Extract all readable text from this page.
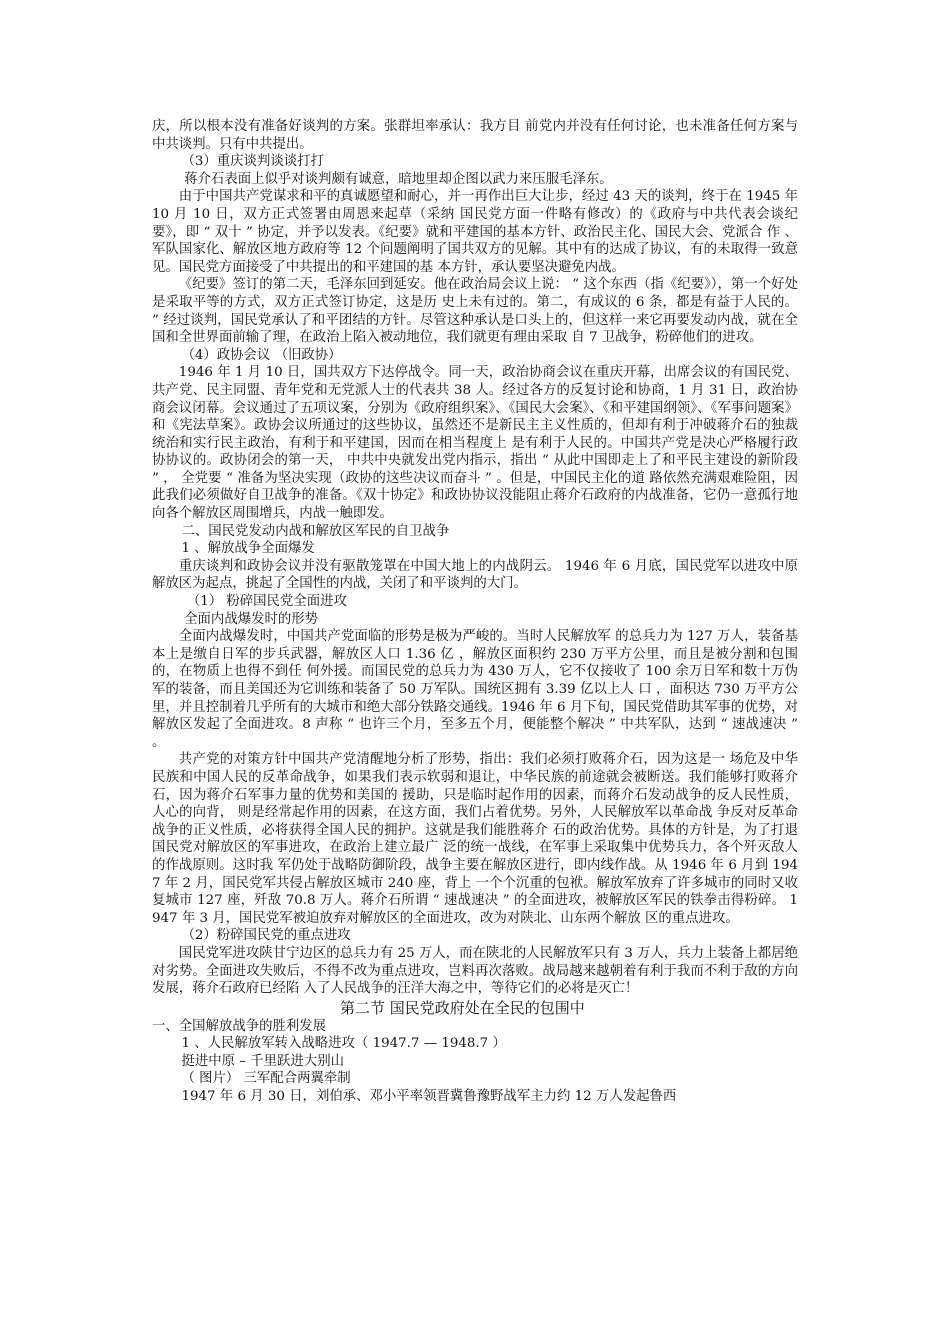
庆，所以根本没有准备好谈判的方案。张群坦率承认：我方目 前党内并没有任何讨论，也未准备任何方案与中共谈判。只有中共提出。

（3）重庆谈判谈谈打打

蒋介石表面上似乎对谈判颇有诚意，暗地里却企图以武力来压服毛泽东。

由于中国共产党谋求和平的真诚愿望和耐心，并一再作出巨大让步，经过 43 天的谈判，终于在 1945 年 10 月 10 日，双方正式签署由周恩来起草（采纳 国民党方面一件略有修改）的《政府与中共代表会谈纪要》，即 “ 双十 ” 协定，并予以发表。《纪要》就和平建国的基本方针、政治民主化、国民大会、党派合 作 、军队国家化、解放区地方政府等 12 个问题阐明了国共双方的见解。其中有的达成了协议，有的未取得一致意见。国民党方面接受了中共提出的和平建国的基 本方针，承认要坚决避免内战。

《纪要》签订的第二天，毛泽东回到延安。他在政治局会议上说： “ 这个东西（指《纪要》），第一个好处是采取平等的方式，双方正式签订协定，这是历 史上未有过的。第二，有成议的 6 条，都是有益于人民的。 ” 经过谈判，国民党承认了和平团结的方针。尽管这种承认是口头上的，但这样一来它再要发动内战，就在全国和全世界面前输了理，在政治上陷入被动地位，我们就更有理由采取 自 7 卫战争，粉碎他们的进攻。

（4）政协会议 （旧政协）

1946 年 1 月 10 日，国共双方下达停战令。同一天，政治协商会议在重庆开幕，出席会议的有国民党、共产党、民主同盟、青年党和无党派人士的代表共 38 人。经过各方的反复讨论和协商，1 月 31 日，政治协商会议闭幕。会议通过了五项议案，分别为《政府组织案》、《国民大会案》、《和平建国纲领》、《军事问题案》和《宪法草案》。政协会议所通过的这些协议，虽然还不是新民主主义性质的，但却有利于冲破蒋介石的独裁统治和实行民主政治，有利于和平建国，因而在相当程度上 是有利于人民的。中国共产党是决心严格履行政协协议的。政协闭会的第一天， 中共中央就发出党内指示，指出 “ 从此中国即走上了和平民主建设的新阶段 ” ， 全党要 “ 准备为坚决实现（政协的这些决议而奋斗 ” 。但是，中国民主化的道 路依然充满艰难险阻，因此我们必须做好自卫战争的准备。《双十协定》和政协协议没能阻止蒋介石政府的内战准备，它仍一意孤行地向各个解放区周围增兵，内战一触即发。

二、国民党发动内战和解放区军民的自卫战争

1 、解放战争全面爆发

重庆谈判和政协会议并没有驱散笼罩在中国大地上的内战阴云。 1946 年 6 月底，国民党军以进攻中原解放区为起点，挑起了全国性的内战，关闭了和平谈判的大门。

（1） 粉碎国民党全面进攻

全面内战爆发时的形势

全面内战爆发时，中国共产党面临的形势是极为严峻的。当时人民解放军 的总兵力为 127 万人，装备基本上是缴自日军的步兵武器，解放区人口 1.36 亿 ，解放区面积约 230 万平方公里，而且是被分割和包围的，在物质上也得不到任 何外援。而国民党的总兵力为 430 万人，它不仅接收了 100 余万日军和数十万伪 军的装备，而且美国还为它训练和装备了 50 万军队。国统区拥有 3.39 亿以上人 口 ，面积达 730 万平方公里，并且控制着几乎所有的大城市和绝大部分铁路交通线。1946 年 6 月下旬，国民党借助其军事的优势，对解放区发起了全面进攻。8 声称 “ 也许三个月，至多五个月，便能整个解决 ” 中共军队，达到 “ 速战速决 ” 。

共产党的对策方针中国共产党清醒地分析了形势，指出：我们必须打败蒋介石，因为这是一 场危及中华民族和中国人民的反革命战争，如果我们表示软弱和退让，中华民族的前途就会被断送。我们能够打败蒋介石，因为蒋介石军事力量的优势和美国的 援助，只是临时起作用的因素，而蒋介石发动战争的反人民性质，人心的向背， 则是经常起作用的因素，在这方面，我们占着优势。另外，人民解放军以革命战 争反对反革命战争的正义性质，必将获得全国人民的拥护。这就是我们能胜蒋介 石的政治优势。具体的方针是，为了打退国民党对解放区的军事进攻，在政治上建立最广 泛的统一战线，在军事上采取集中优势兵力，各个歼灭敌人的作战原则。这时我 军仍处于战略防御阶段，战争主要在解放区进行，即内线作战。从 1946 年 6 月到 1947 年 2 月，国民党军共侵占解放区城市 240 座，背上 一个个沉重的包袱。解放军放弃了许多城市的同时又收复城市 127 座，歼敌 70.8 万人。蒋介石所谓 “ 速战速决 ” 的全面进攻，被解放区军民的铁拳击得粉碎。 1 947 年 3 月，国民党军被迫放弃对解放区的全面进攻，改为对陕北、山东两个解放 区的重点进攻。

（2）粉碎国民党的重点进攻

国民党军进攻陕甘宁边区的总兵力有 25 万人，而在陕北的人民解放军只有 3 万人，兵力上装备上都居绝对劣势。全面进攻失败后，不得不改为重点进攻，岂料再次落败。战局越来越朝着有利于我而不利于敌的方向发展，蒋介石政府已经陷 入了人民战争的汪洋大海之中，等待它们的必将是灭亡！

第二节 国民党政府处在全民的包围中

一、全国解放战争的胜利发展

1 、人民解放军转入战略进攻（ 1947.7 — 1948.7 ）

挺进中原 – 千里跃进大别山

（ 图片） 三军配合两翼牵制

1947 年 6 月 30 日，刘伯承、邓小平率领晋冀鲁豫野战军主力约 12 万人发起鲁西
